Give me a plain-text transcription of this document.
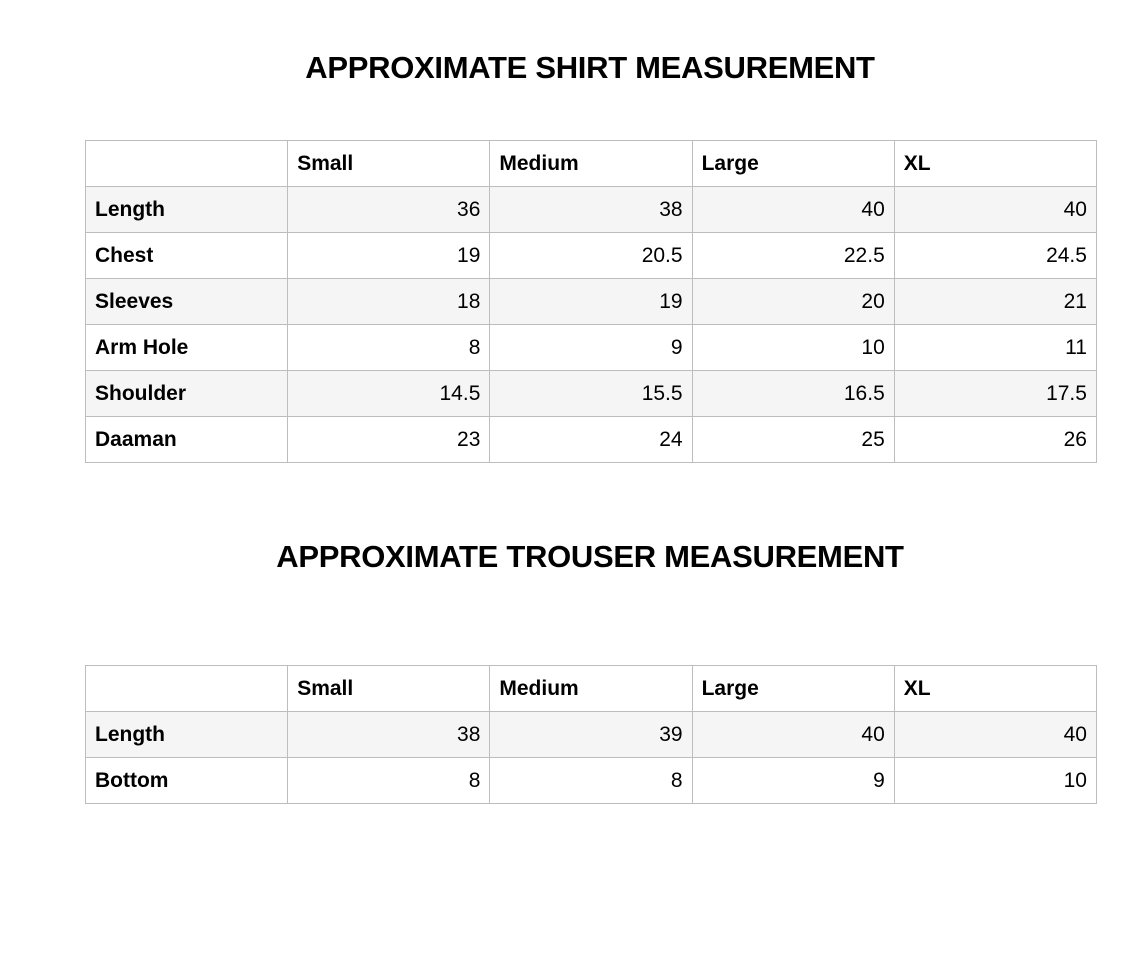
APPROXIMATE SHIRT MEASUREMENT
	Small	Medium	Large	XL
Length	36	38	40	40
Chest	19	20.5	22.5	24.5
Sleeves	18	19	20	21
Arm Hole	8	9	10	11
Shoulder	14.5	15.5	16.5	17.5
Daaman	23	24	25	26
APPROXIMATE TROUSER MEASUREMENT
	Small	Medium	Large	XL
Length	38	39	40	40
Bottom	8	8	9	10
